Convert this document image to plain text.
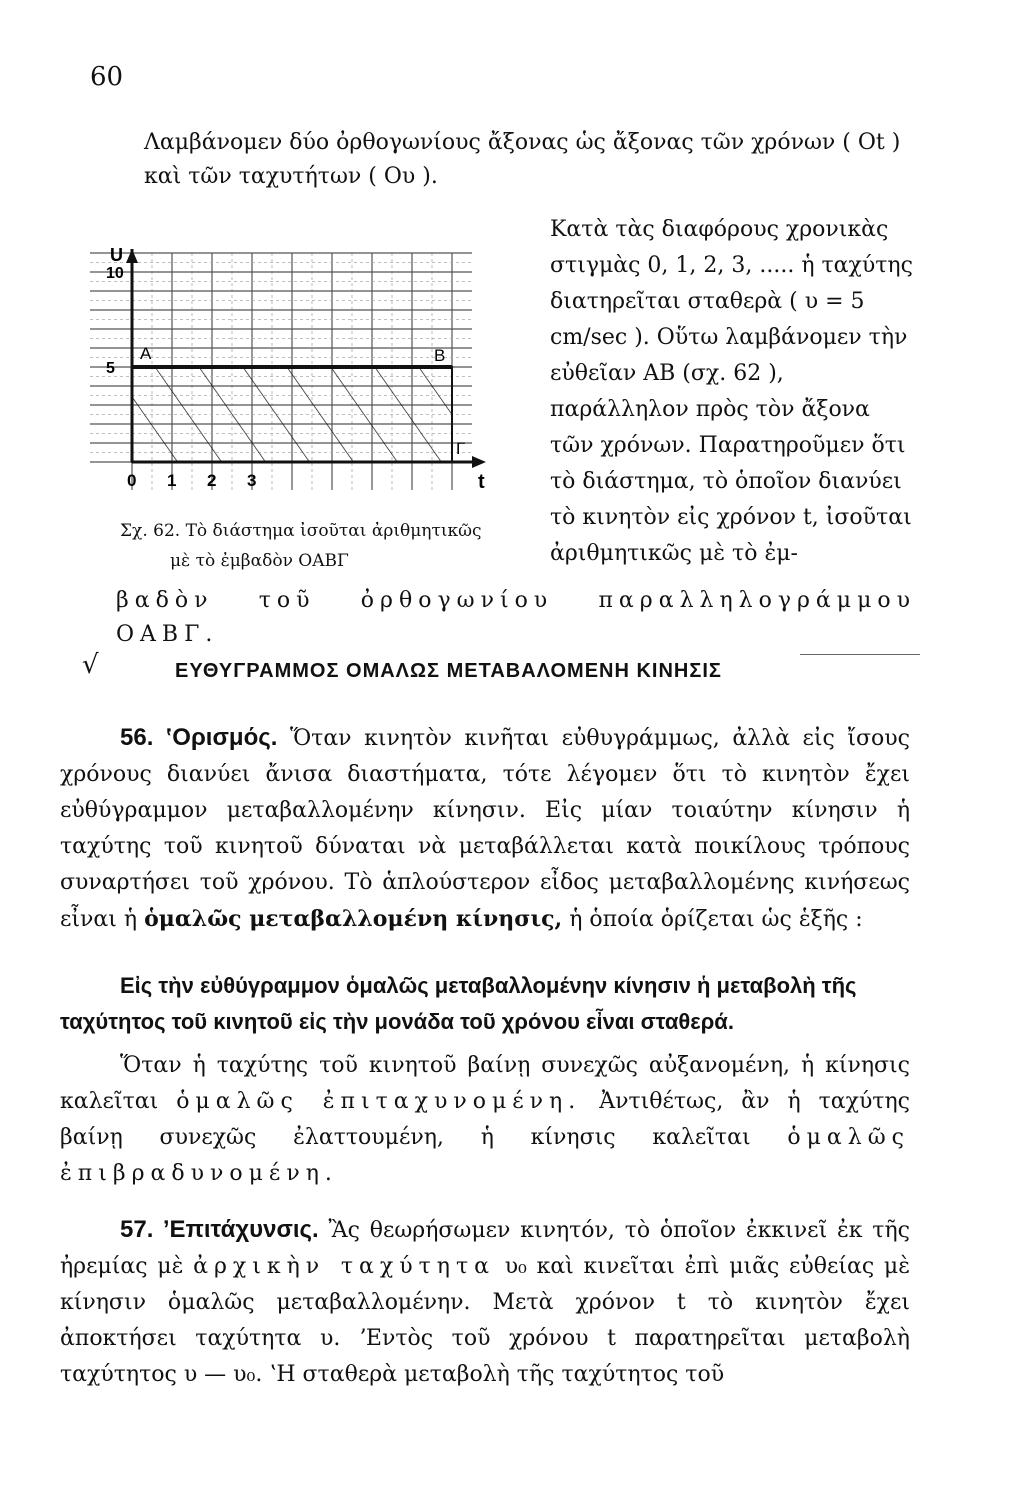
60

Λαμβάνομεν δύο ὀρθογωνίους ἄξονας ὡς ἄξονας τῶν χρόνων ( Οt ) καὶ τῶν ταχυτήτων ( Ου ).

U
t
A	B
Γ
10
5
0 1 2 3

Κατὰ τὰς διαφόρους χρονικὰς στιγμὰς 0, 1, 2, 3, ..... ἡ ταχύτης διατηρεῖται σταθερὰ ( υ = 5 cm/sec ). Οὕτω λαμβάνομεν τὴν εὐθεῖαν ΑΒ (σχ. 62 ), παράλληλον πρὸς τὸν ἄξονα τῶν χρόνων. Παρατηροῦμεν ὅτι τὸ διάστημα, τὸ ὁποῖον διανύει τὸ κινητὸν εἰς χρόνον t, ἰσοῦται ἀριθμητικῶς μὲ τὸ ἐμ-

Σχ. 62. Τὸ διάστημα ἰσοῦται ἀριθμητικῶς
μὲ τὸ ἐμβαδὸν ΟΑΒΓ

βαδὸν τοῦ ὀρθογωνίου παραλληλογράμμου ΟΑΒΓ.

√	ΕΥΘΥΓΡΑΜΜΟΣ ΟΜΑΛΩΣ ΜΕΤΑΒΑΛΟΜΕΝΗ ΚΙΝΗΣΙΣ

56. ʽΟρισμός. Ὅταν κινητὸν κινῆται εὐθυγράμμως, ἀλλὰ εἰς ἴσους χρόνους διανύει ἄνισα διαστήματα, τότε λέγομεν ὅτι τὸ κινητὸν ἔχει εὐθύγραμμον μεταβαλλομένην κίνησιν. Εἰς μίαν τοιαύτην κίνησιν ἡ ταχύτης τοῦ κινητοῦ δύναται νὰ μεταβάλλεται κατὰ ποικίλους τρόπους συναρτήσει τοῦ χρόνου. Τὸ ἁπλούστερον εἶδος μεταβαλλομένης κινήσεως εἶναι ἡ ὁμαλῶς μεταβαλλομένη κίνησις, ἡ ὁποία ὁρίζεται ὡς ἑξῆς :

Εἰς τὴν εὐθύγραμμον ὁμαλῶς μεταβαλλομένην κίνησιν ἡ μεταβολὴ τῆς ταχύτητος τοῦ κινητοῦ εἰς τὴν μονάδα τοῦ χρόνου εἶναι σταθερά.

Ὅταν ἡ ταχύτης τοῦ κινητοῦ βαίνῃ συνεχῶς αὐξανομένη, ἡ κίνησις καλεῖται ὁμαλῶς ἐπιταχυνομένη. Ἀντιθέτως, ἂν ἡ ταχύτης βαίνῃ συνεχῶς ἐλαττουμένη, ἡ κίνησις καλεῖται ὁμαλῶς ἐπιβραδυνομένη.

57. ʼΕπιτάχυνσις. Ἂς θεωρήσωμεν κινητόν, τὸ ὁποῖον ἐκκινεῖ ἐκ τῆς ἠρεμίας μὲ ἀρχικὴν ταχύτητα υ₀ καὶ κινεῖται ἐπὶ μιᾶς εὐθείας μὲ κίνησιν ὁμαλῶς μεταβαλλομένην. Μετὰ χρόνον t τὸ κινητὸν ἔχει ἀποκτήσει ταχύτητα υ. ʼΕντὸς τοῦ χρόνου t παρατηρεῖται μεταβολὴ ταχύτητος υ — υ₀. ʽΗ σταθερὰ μεταβολὴ τῆς ταχύτητος τοῦ
